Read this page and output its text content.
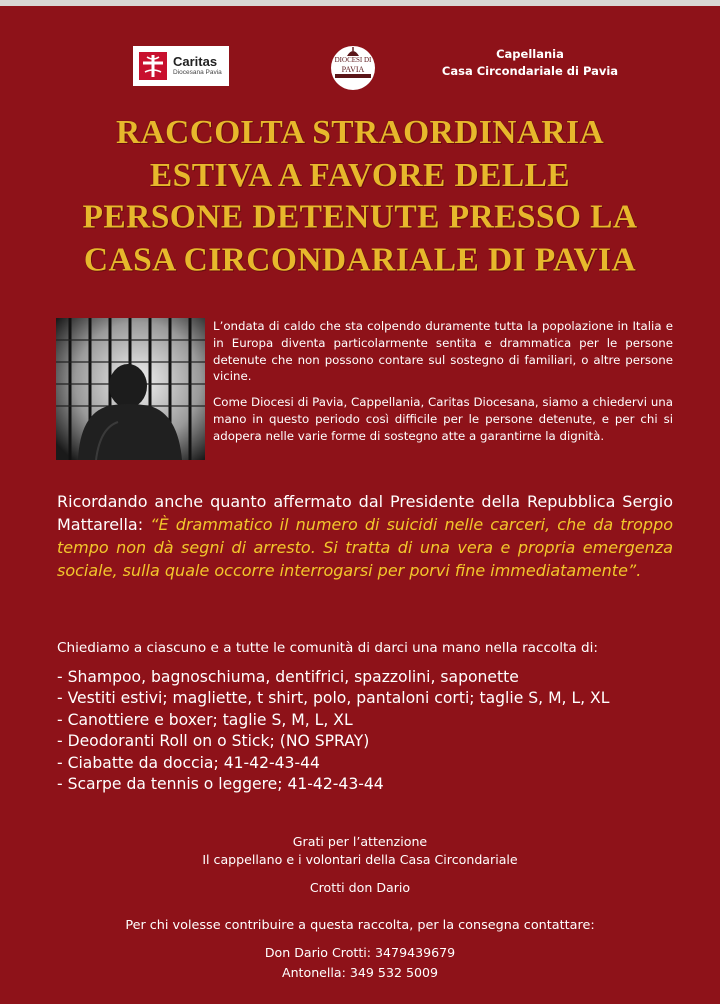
Caritas
Diocesana Pavia
DIOCESI DI
PAVIA
Capellania
Casa Circondariale di Pavia
RACCOLTA STRAORDINARIA
ESTIVA A FAVORE DELLE
PERSONE DETENUTE PRESSO LA
CASA CIRCONDARIALE DI PAVIA

L’ondata di caldo che sta colpendo duramente tutta la popolazione in Italia e in Europa diventa particolarmente sentita e drammatica per le persone detenute che non possono contare sul sostegno di familiari, o altre persone vicine.

Come Diocesi di Pavia, Cappellania, Caritas Diocesana, siamo a chiedervi una mano in questo periodo così difficile per le persone detenute, e per chi si adopera nelle varie forme di sostegno atte a garantirne la dignità.

Ricordando anche quanto affermato dal Presidente della Repubblica Sergio Mattarella: “È drammatico il numero di suicidi nelle carceri, che da troppo tempo non dà segni di arresto. Si tratta di una vera e propria emergenza sociale, sulla quale occorre interrogarsi per porvi fine immediatamente”.
Chiediamo a ciascuno e a tutte le comunità di darci una mano nella raccolta di:
- Shampoo, bagnoschiuma, dentifrici, spazzolini, saponette
- Vestiti estivi; magliette, t shirt, polo, pantaloni corti; taglie S, M, L, XL
- Canottiere e boxer; taglie S, M, L, XL
- Deodoranti Roll on o Stick; (NO SPRAY)
- Ciabatte da doccia; 41-42-43-44
- Scarpe da tennis o leggere; 41-42-43-44
Grati per l’attenzione
Il cappellano e i volontari della Casa Circondariale
Crotti don Dario
Per chi volesse contribuire a questa raccolta, per la consegna contattare:
Don Dario Crotti: 3479439679
Antonella: 349 532 5009
